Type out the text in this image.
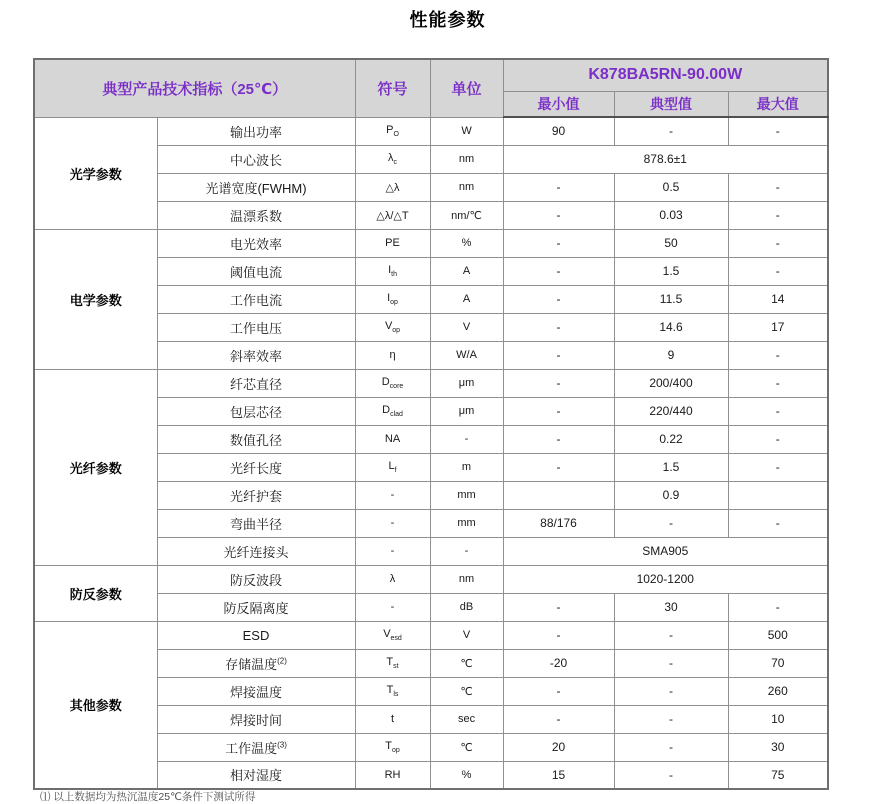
性能参数
典型产品技术指标（25℃）		符号	单位	K878BA5RN-90.00W		
				最小值	典型值	最大值
光学参数	输出功率	$P_O$	W	90	-	-
	中心波长	$\lambda_c$	nm	878.6±1		
	光谱宽度(FWHM)	△λ	nm	-	0.5	-
	温漂系数	△λ/△T	nm/℃	-	0.03	-
电学参数	电光效率	PE	%	-	50	-
	阈值电流	$I_{th}$	A	-	1.5	-
	工作电流	$I_{op}$	A	-	11.5	14
	工作电压	$V_{op}$	V	-	14.6	17
	斜率效率	η	W/A	-	9	-
光纤参数	纤芯直径	$D_{core}$	μm	-	200/400	-
	包层芯径	$D_{clad}$	μm	-	220/440	-
	数值孔径	NA	-	-	0.22	-
	光纤长度	$L_f$	m	-	1.5	-
	光纤护套	-	mm		0.9	
	弯曲半径	-	mm	88/176	-	-
	光纤连接头	-	-	SMA905		
防反参数	防反波段	λ	nm	1020-1200		
	防反隔离度	-	dB	-	30	-
其他参数	ESD	$V_{esd}$	V	-	-	500
	存储温度$^{(2)}$	$T_{st}$	℃	-20	-	70
	焊接温度	$T_{ls}$	℃	-	-	260
	焊接时间	t	sec	-	-	10
	工作温度$^{(3)}$	$T_{op}$	℃	20	-	30
	相对湿度	RH	%	15	-	75
⑴ 以上数据均为热沉温度25℃条件下测试所得
